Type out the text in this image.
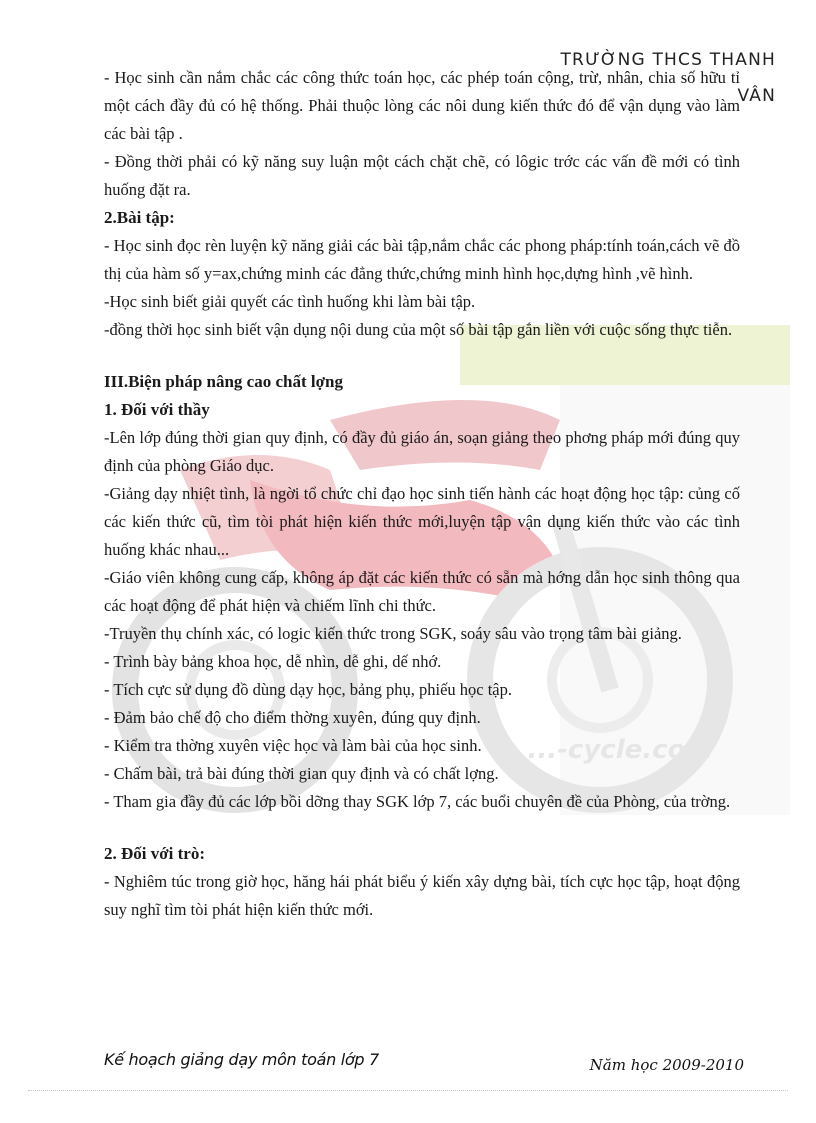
...-cycle.com
TRƯỜNG THCS THANH VÂN

- Học sinh cần nắm chắc các công thức toán học, các phép toán cộng, trừ, nhân, chia số hữu tỉ một cách đầy đủ có hệ thống. Phải thuộc lòng các nôi dung kiến thức đó để vận dụng vào làm các bài tập .

- Đồng thời phải có kỹ năng suy luận một cách chặt chẽ, có lôgic trớc các vấn đề mới có tình huống đặt ra.

2.Bài tập:

- Học sinh đọc rèn luyện kỹ năng giải các bài tập,nắm chắc các phong pháp:tính toán,cách vẽ đồ thị của hàm số y=ax,chứng minh các đẳng thức,chứng minh hình học,dựng hình ,vẽ hình.

-Học sinh biết giải quyết các tình huống khi làm bài tập.

-đồng thời học sinh biết vận dụng nội dung của một số bài tập gắn liền với cuộc sống thực tiễn.

III.Biện pháp nâng cao chất lợng
1. Đối với thầy

-Lên lớp đúng thời gian quy định, có đầy đủ giáo án, soạn giảng theo phơng pháp mới đúng quy định của phòng Giáo dục.

-Giảng dạy nhiệt tình, là ngời tổ chức chỉ đạo học sinh tiến hành các hoạt động học tập: củng cố các kiến thức cũ, tìm tòi phát hiện kiến thức mới,luyện tập vận dụng kiến thức vào các tình huống khác nhau...

-Giáo viên không cung cấp, không áp đặt các kiến thức có sẵn mà hớng dẫn học sinh thông qua các hoạt động để phát hiện và chiếm lĩnh chi thức.

-Truyền thụ chính xác, có logic kiến thức trong SGK, soáy sâu vào trọng tâm bài giảng.

- Trình bày bảng khoa học, dễ nhìn, dễ ghi, dế nhớ.

- Tích cực sử dụng đồ dùng dạy học, bảng phụ, phiếu học tập.

- Đảm bảo chế độ cho điểm thờng xuyên, đúng quy định.

- Kiểm tra thờng xuyên việc học và làm bài của học sinh.

- Chấm bài, trả bài đúng thời gian quy định và có chất lợng.

- Tham gia đầy đủ các lớp bồi dỡng thay SGK lớp 7, các buổi chuyên đề của Phòng, của trờng.

2. Đối với trò:

- Nghiêm túc trong giờ học, hăng hái phát biểu ý kiến xây dựng bài, tích cực học tập, hoạt động suy nghĩ tìm tòi phát hiện kiến thức mới.

Kế hoạch giảng dạy môn toán lớp 7	Năm học 2009-2010
